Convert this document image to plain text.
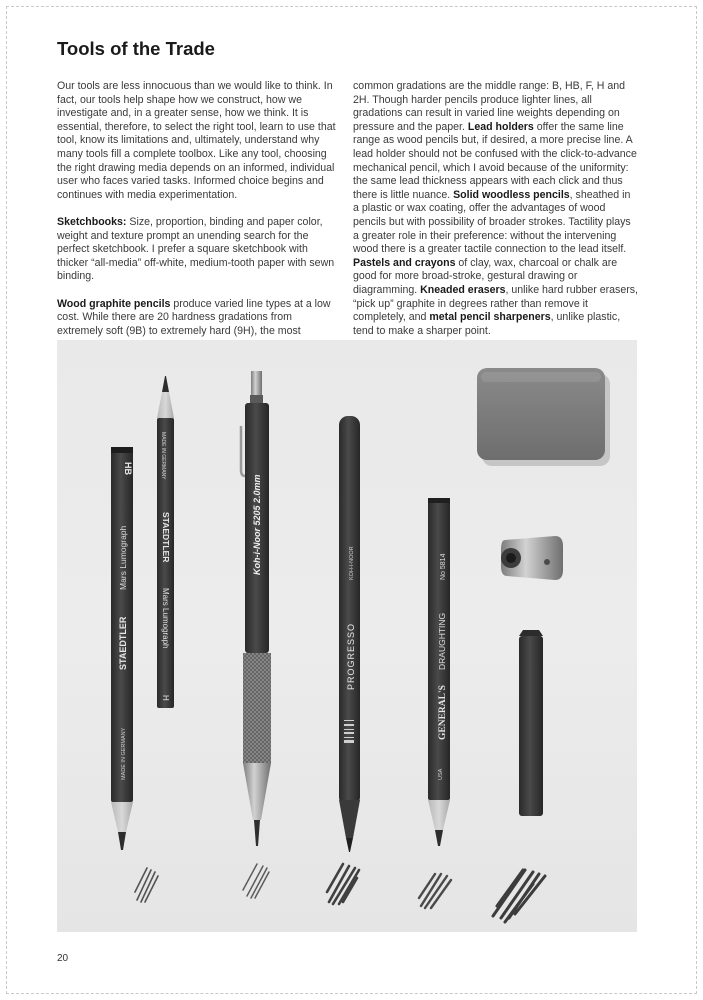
Tools of the Trade

Our tools are less innocuous than we would like to think. In fact, our tools help shape how we construct, how we investigate and, in a greater sense, how we think. It is essential, therefore, to select the right tool, learn to use that tool, know its limitations and, ultimately, understand why many tools fill a complete toolbox. Like any tool, choosing the right drawing media depends on an informed, individual user who faces varied tasks. Informed choice begins and continues with media experimentation.

Sketchbooks: Size, proportion, binding and paper color, weight and texture prompt an unending search for the perfect sketchbook. I prefer a square sketchbook with thicker “all-media” off-white, medium-tooth paper with sewn binding.

Wood graphite pencils produce varied line types at a low cost. While there are 20 hardness gradations from extremely soft (9B) to extremely hard (9H), the most

common gradations are the middle range: B, HB, F, H and 2H. Though harder pencils produce lighter lines, all gradations can result in varied line weights depending on pressure and the paper. Lead holders offer the same line range as wood pencils but, if desired, a more precise line. A lead holder should not be confused with the click-to-advance mechanical pencil, which I avoid because of the uniformity: the same lead thickness appears with each click and thus there is little nuance. Solid woodless pencils, sheathed in a plastic or wax coating, offer the advantages of wood pencils but with possibility of broader strokes. Tactility plays a greater role in their preference: without the intervening wood there is a greater tactile connection to the lead itself. Pastels and crayons of clay, wax, charcoal or chalk are good for more broad-stroke, gestural drawing or diagramming. Kneaded erasers, unlike hard rubber erasers, “pick up” graphite in degrees rather than remove it completely, and metal pencil sharpeners, unlike plastic, tend to make a sharper point.

HB
STAEDTLER
Mars Lumograph
MADE IN GERMANY
MADE IN GERMANY
STAEDTLER
Mars Lumograph
H
Koh-i-Noor 5205 2.0mm
PROGRESSO
KOH-I-NOOR
GENERAL'S
DRAUGHTING
No 5814
USA
20
